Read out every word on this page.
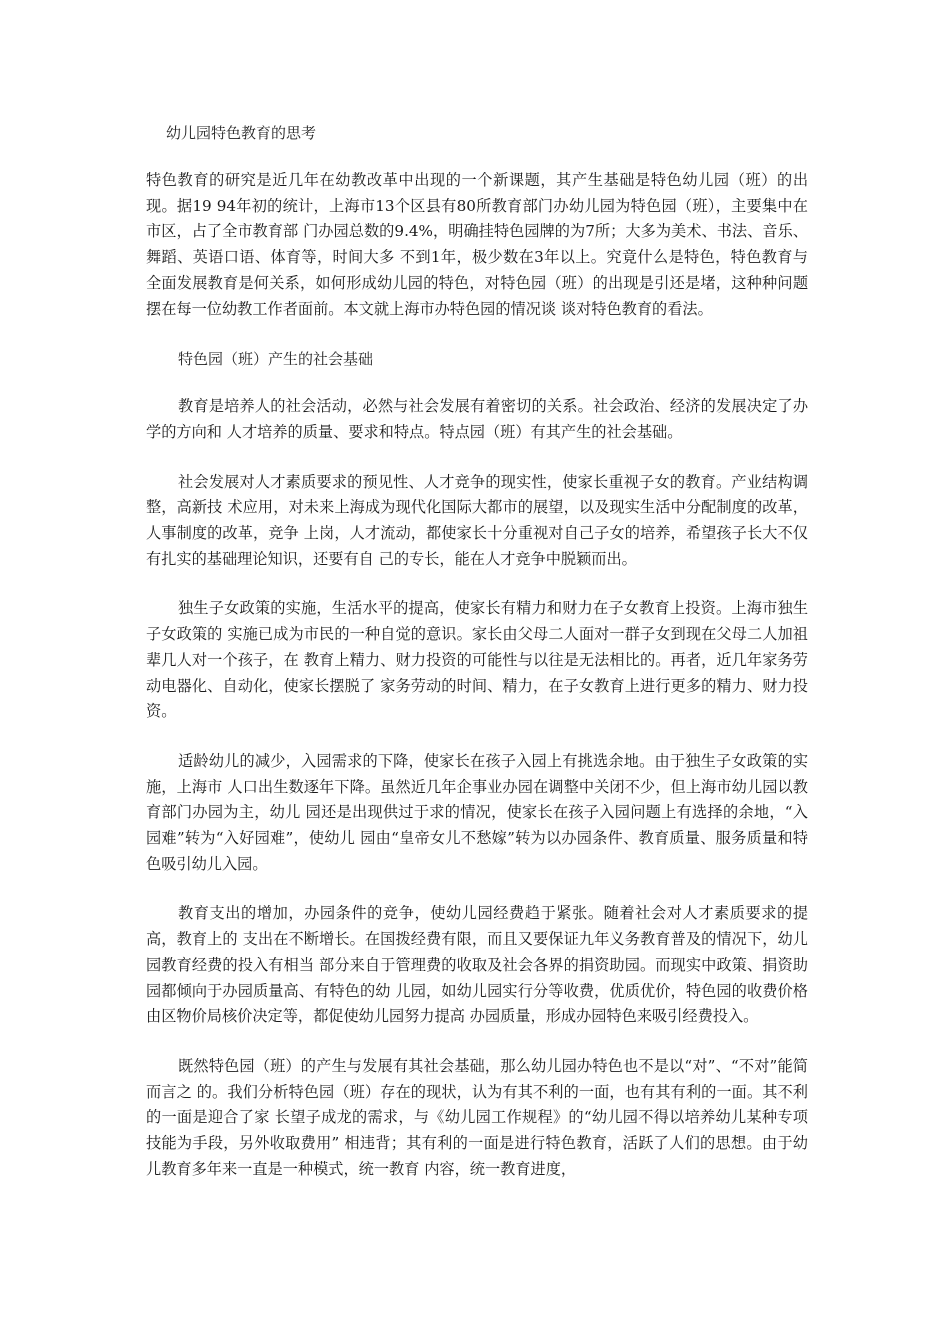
幼儿园特色教育的思考

特色教育的研究是近几年在幼教改革中出现的一个新课题，其产生基础是特色幼儿园（班）的出现。据19 94年初的统计，上海市13个区县有80所教育部门办幼儿园为特色园（班），主要集中在市区，占了全市教育部 门办园总数的9.4%，明确挂特色园牌的为7所；大多为美术、书法、音乐、舞蹈、英语口语、体育等，时间大多 不到1年，极少数在3年以上。究竟什么是特色，特色教育与全面发展教育是何关系，如何形成幼儿园的特色，对特色园（班）的出现是引还是堵，这种种问题摆在每一位幼教工作者面前。本文就上海市办特色园的情况谈 谈对特色教育的看法。

特色园（班）产生的社会基础

教育是培养人的社会活动，必然与社会发展有着密切的关系。社会政治、经济的发展决定了办学的方向和 人才培养的质量、要求和特点。特点园（班）有其产生的社会基础。

社会发展对人才素质要求的预见性、人才竞争的现实性，使家长重视子女的教育。产业结构调整，高新技 术应用，对未来上海成为现代化国际大都市的展望，以及现实生活中分配制度的改革，人事制度的改革，竞争 上岗，人才流动，都使家长十分重视对自己子女的培养，希望孩子长大不仅有扎实的基础理论知识，还要有自 己的专长，能在人才竞争中脱颖而出。

独生子女政策的实施，生活水平的提高，使家长有精力和财力在子女教育上投资。上海市独生子女政策的 实施已成为市民的一种自觉的意识。家长由父母二人面对一群子女到现在父母二人加祖辈几人对一个孩子，在 教育上精力、财力投资的可能性与以往是无法相比的。再者，近几年家务劳动电器化、自动化，使家长摆脱了 家务劳动的时间、精力，在子女教育上进行更多的精力、财力投资。

适龄幼儿的减少，入园需求的下降，使家长在孩子入园上有挑选余地。由于独生子女政策的实施，上海市 人口出生数逐年下降。虽然近几年企事业办园在调整中关闭不少，但上海市幼儿园以教育部门办园为主，幼儿 园还是出现供过于求的情况，使家长在孩子入园问题上有选择的余地，“入园难”转为“入好园难”，使幼儿 园由“皇帝女儿不愁嫁”转为以办园条件、教育质量、服务质量和特色吸引幼儿入园。

教育支出的增加，办园条件的竞争，使幼儿园经费趋于紧张。随着社会对人才素质要求的提高，教育上的 支出在不断增长。在国拨经费有限，而且又要保证九年义务教育普及的情况下，幼儿园教育经费的投入有相当 部分来自于管理费的收取及社会各界的捐资助园。而现实中政策、捐资助园都倾向于办园质量高、有特色的幼 儿园，如幼儿园实行分等收费，优质优价，特色园的收费价格由区物价局核价决定等，都促使幼儿园努力提高 办园质量，形成办园特色来吸引经费投入。

既然特色园（班）的产生与发展有其社会基础，那么幼儿园办特色也不是以“对”、“不对”能简而言之 的。我们分析特色园（班）存在的现状，认为有其不利的一面，也有其有利的一面。其不利的一面是迎合了家 长望子成龙的需求，与《幼儿园工作规程》的“幼儿园不得以培养幼儿某种专项技能为手段，另外收取费用” 相违背；其有利的一面是进行特色教育，活跃了人们的思想。由于幼儿教育多年来一直是一种模式，统一教育 内容，统一教育进度，
